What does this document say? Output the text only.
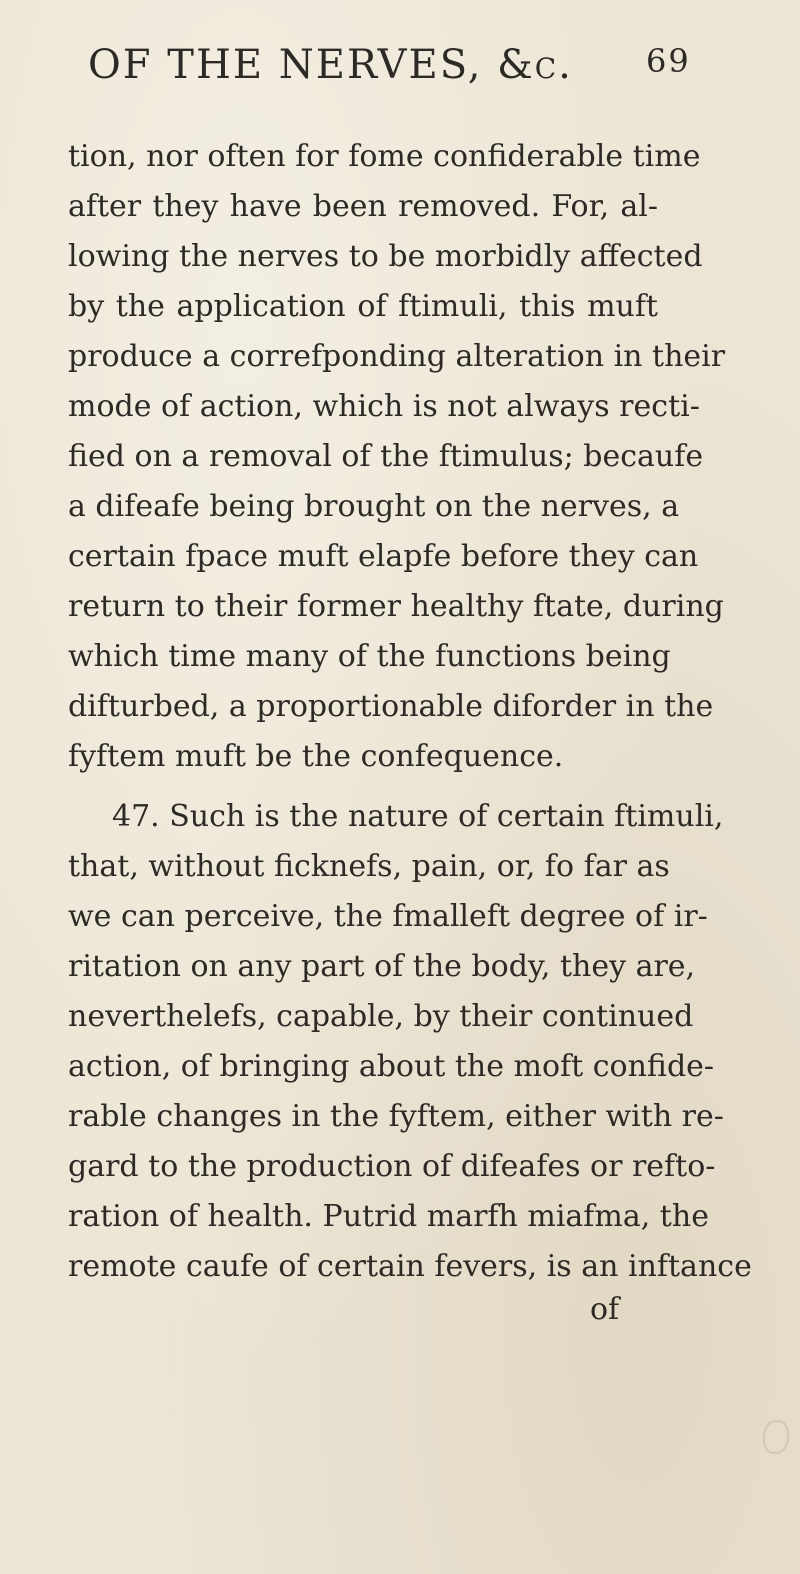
OF THE NERVES, &c. 69
tion, nor often for fome confiderable time
after they have been removed. For, al-
lowing the nerves to be morbidly affected
by the application of ftimuli, this muft
produce a correfponding alteration in their
mode of action, which is not always recti-
fied on a removal of the ftimulus; becaufe
a difeafe being brought on the nerves, a
certain fpace muft elapfe before they can
return to their former healthy ftate, during
which time many of the functions being
difturbed, a proportionable diforder in the
fyftem muft be the confequence.
47. Such is the nature of certain ftimuli,
that, without ficknefs, pain, or, fo far as
we can perceive, the fmalleft degree of ir-
ritation on any part of the body, they are,
neverthelefs, capable, by their continued
action, of bringing about the moft confide-
rable changes in the fyftem, either with re-
gard to the production of difeafes or refto-
ration of health. Putrid marfh miafma, the
remote caufe of certain fevers, is an inftance
of
